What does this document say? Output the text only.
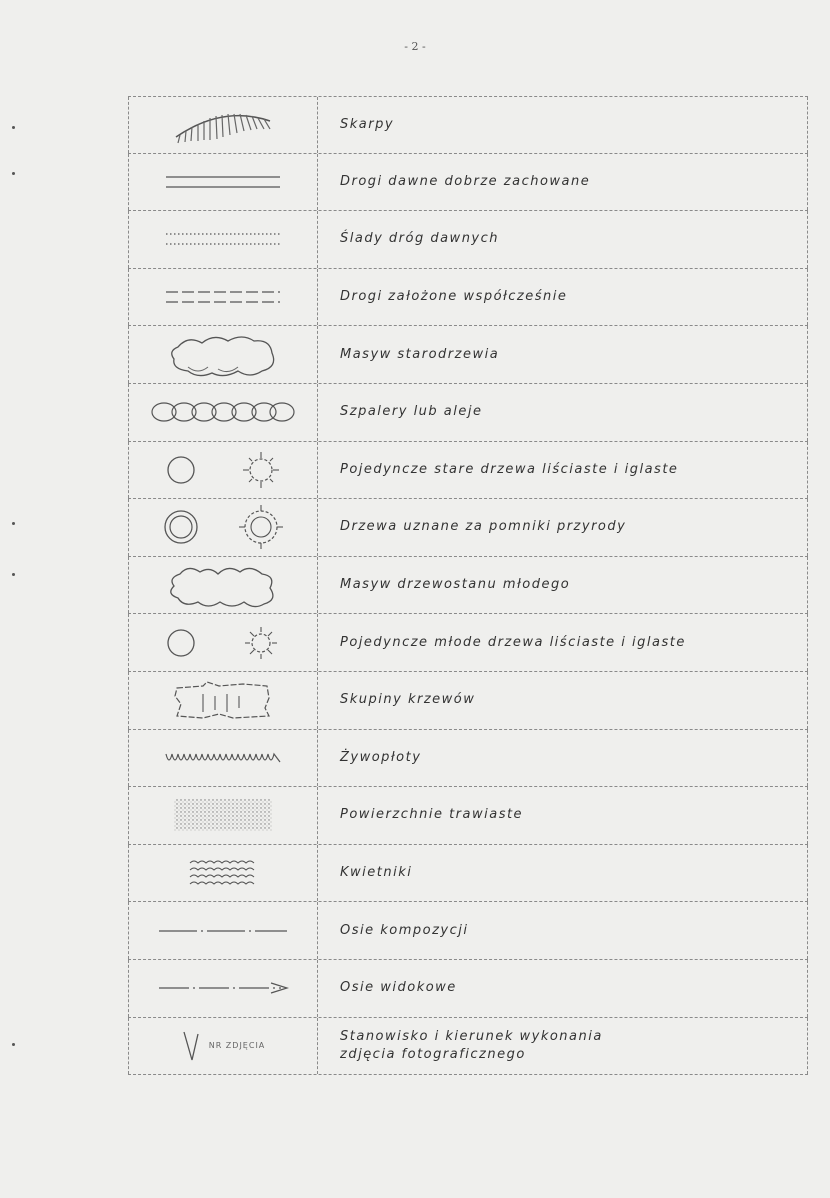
- 2 -
Skarpy
Drogi dawne dobrze zachowane
Ślady dróg dawnych
Drogi założone współcześnie
Masyw starodrzewia
Szpalery lub aleje
Pojedyncze stare drzewa liściaste i iglaste
Drzewa uznane za pomniki przyrody
Masyw drzewostanu młodego
Pojedyncze młode drzewa liściaste i iglaste
Skupiny krzewów
Żywopłoty
Powierzchnie trawiaste
Kwietniki
Osie kompozycji
Osie widokowe
NR ZDJĘCIA
Stanowisko i kierunek wykonania
zdjęcia fotograficznego
